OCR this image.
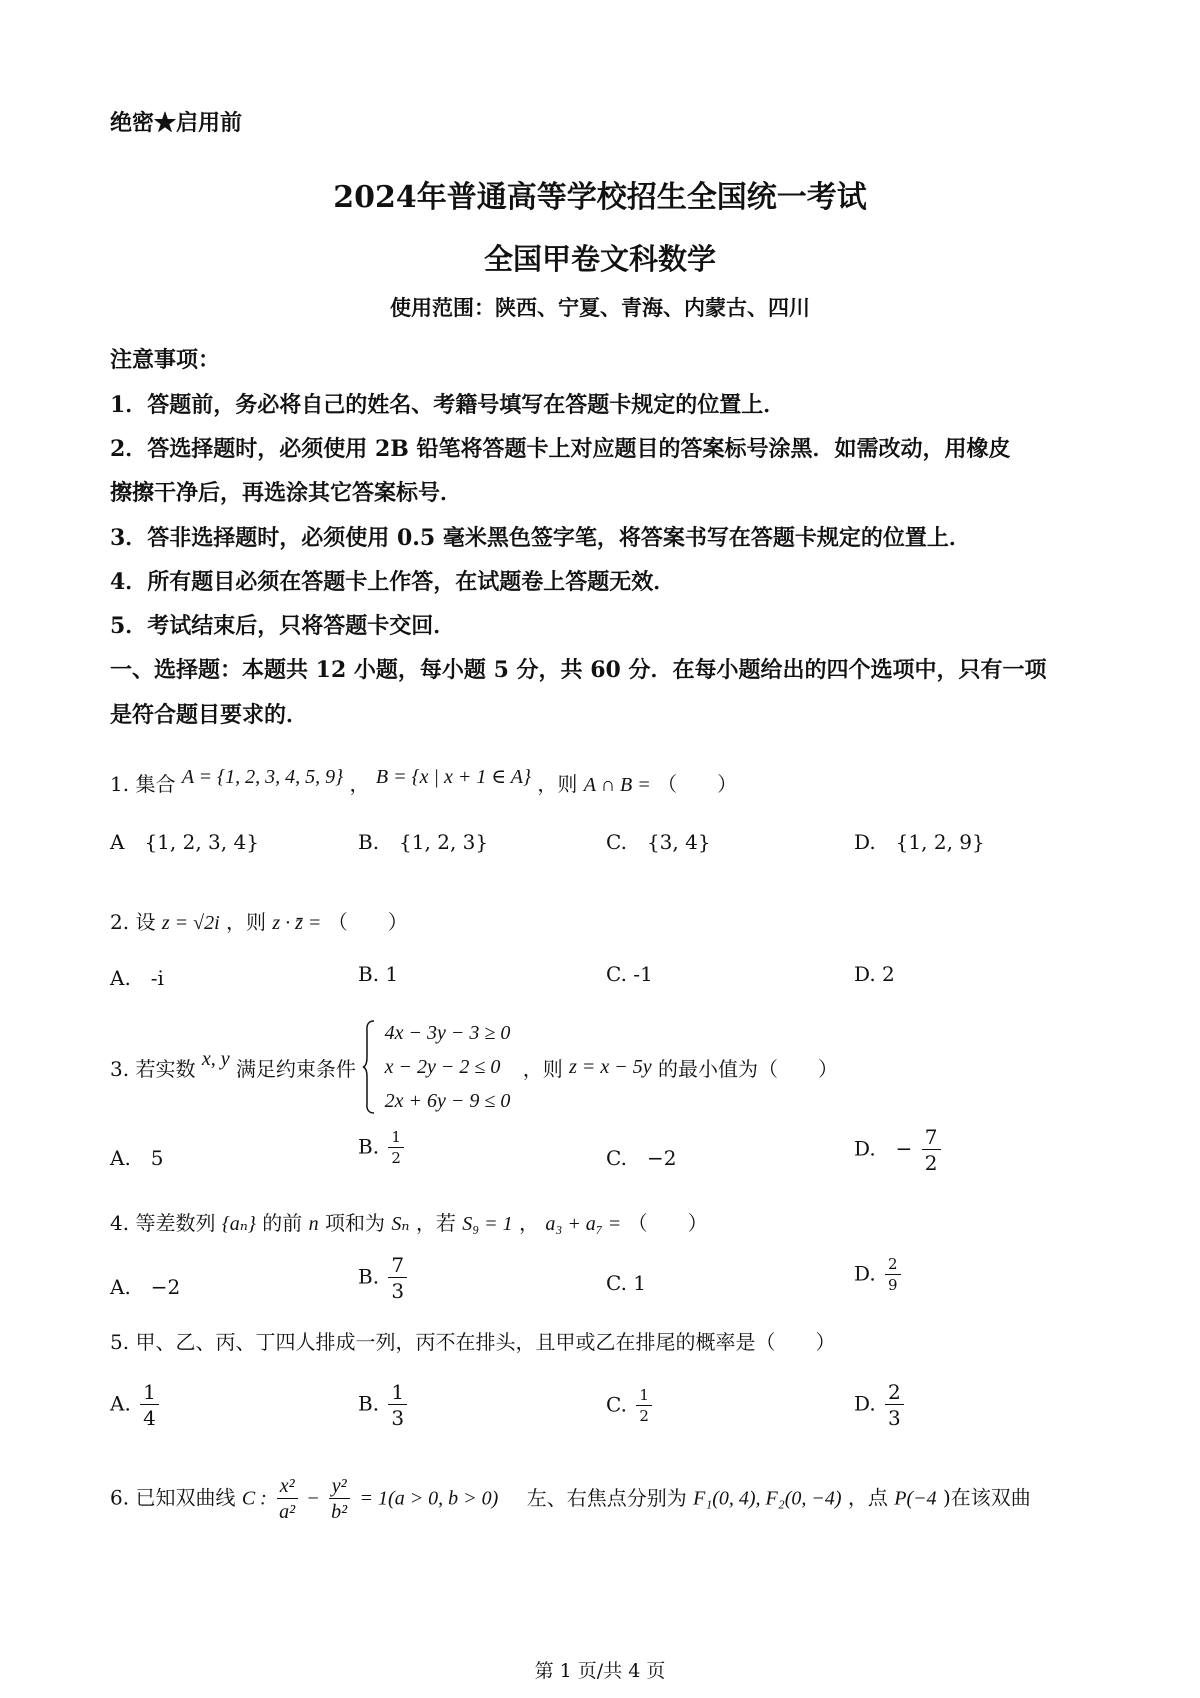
绝密★启用前
2024年普通高等学校招生全国统一考试
全国甲卷文科数学
使用范围：陕西、宁夏、青海、内蒙古、四川
注意事项：
1．答题前，务必将自己的姓名、考籍号填写在答题卡规定的位置上．
2．答选择题时，必须使用 2B 铅笔将答题卡上对应题目的答案标号涂黑．如需改动，用橡皮
擦擦干净后，再选涂其它答案标号．
3．答非选择题时，必须使用 0.5 毫米黑色签字笔，将答案书写在答题卡规定的位置上．
4．所有题目必须在答题卡上作答，在试题卷上答题无效．
5．考试结束后，只将答题卡交回．
一、选择题：本题共 12 小题，每小题 5 分，共 60 分．在每小题给出的四个选项中，只有一项
是符合题目要求的．
1. 集合 A = {1, 2, 3, 4, 5, 9} ， B = {x | x + 1 ∈ A} ，则 A ∩ B = （　　）
A　{1, 2, 3, 4}	B.　{1, 2, 3}	C.　{3, 4}	D.　{1, 2, 9}
2. 设 z = √2i ，则 z · z̄ = （　　）
A.　-i	B. 1	C. -1	D. 2
3. 若实数 x, y 满足约束条件
4x − 3y − 3 ≥ 0
x − 2y − 2 ≤ 0
2x + 6y − 9 ≤ 0
，则 z = x − 5y 的最小值为（　　）
A.　5	B. $\frac{1}{2}$	C.　−2	D.　− $\frac{7}{2}$
4. 等差数列 {aₙ} 的前 n 项和为 Sₙ ，若 S₉ = 1 ， a₃ + a₇ = （　　）
A.　−2	B. $\frac{7}{3}$	C. 1	D. $\frac{2}{9}$
5. 甲、乙、丙、丁四人排成一列，丙不在排头，且甲或乙在排尾的概率是（　　）
A. $\frac{1}{4}$	B. $\frac{1}{3}$	C. $\frac{1}{2}$	D. $\frac{2}{3}$
6. 已知双曲线 C : $\frac{\text{x²}}{\text{a²}} - \frac{\text{y²}}{\text{b²}} = 1(a > 0$, b > 0) 左、右焦点分别为 F₁(0, 4), F₂(0, −4) ，点 P(−4 )在该双曲
第 1 页/共 4 页
